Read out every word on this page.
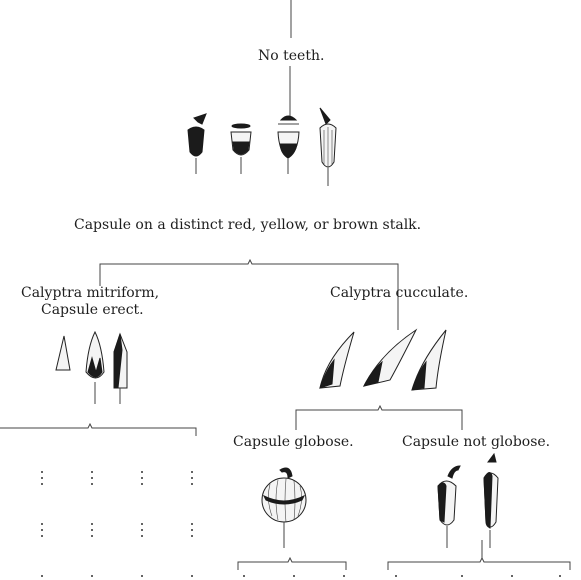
No teeth.
Capsule on a distinct red, yellow, or brown stalk.
Calyptra mitriform,
Capsule erect.
Calyptra cucculate.
Capsule globose.	Capsule not globose.
